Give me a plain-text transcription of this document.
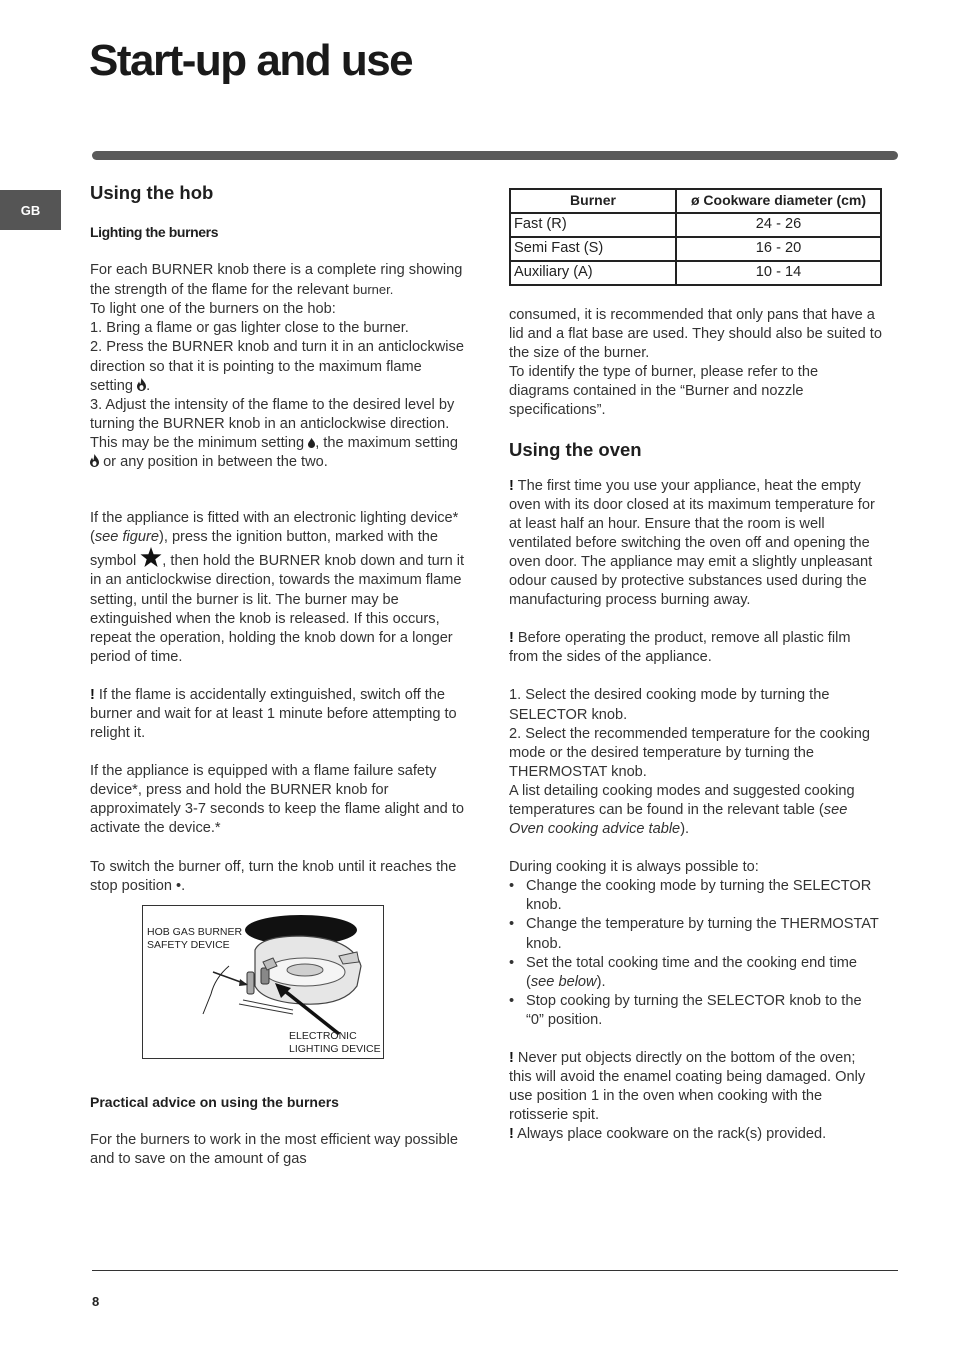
Start-up and use
GB
Using the hob
Lighting the burners

For each BURNER knob there is a complete ring showing the strength of the flame for the relevant burner.

To light one of the burners on the hob:

1. Bring a flame or gas lighter close to the burner.

2. Press the BURNER knob and turn it in an anticlockwise direction so that it is pointing to the maximum flame setting .

3. Adjust the intensity of the flame to the desired level by turning the BURNER knob in an anticlockwise direction. This may be the minimum setting , the maximum setting  or any position in between the two.

If the appliance is fitted with an electronic lighting device* (see figure), press the ignition button, marked with the symbol , then hold the BURNER knob down and turn it in an anticlockwise direction, towards the maximum flame setting, until the burner is lit. The burner may be extinguished when the knob is released. If this occurs, repeat the operation, holding the knob down for a longer period of time.

! If the flame is accidentally extinguished, switch off the burner and wait for at least 1 minute before attempting to relight it.

If the appliance is equipped with a flame failure safety device*, press and hold the BURNER knob for approximately 3-7 seconds to keep the flame alight and to activate the device.*

To switch the burner off, turn the knob until it reaches the stop position •.

HOB GAS BURNER
SAFETY DEVICE
ELECTRONIC
LIGHTING DEVICE
Practical advice on using the burners

For the burners to work in the most efficient way possible and to save on the amount of gas

Burner	ø Cookware diameter (cm)
Fast (R)	24 - 26
Semi Fast (S)	16 - 20
Auxiliary (A)	10 - 14

consumed, it is recommended that only pans that have a lid and a flat base are used. They should also be suited to the size of the burner.

To identify the type of burner, please refer to the diagrams contained in the “Burner and nozzle specifications”.

Using the oven

! The first time you use your appliance, heat the empty oven with its door closed at its maximum temperature for at least half an hour. Ensure that the room is well ventilated before switching the oven off and opening the oven door. The appliance may emit a slightly unpleasant odour caused by protective substances used during the manufacturing process burning away.

! Before operating the product, remove all plastic film from the sides of the appliance.

1. Select the desired cooking mode by turning the SELECTOR knob.

2. Select the recommended temperature for the cooking mode or the desired temperature by turning the THERMOSTAT knob.

A list detailing cooking modes and suggested cooking temperatures can be found in the relevant table (see Oven cooking advice table).

During cooking it is always possible to:

• Change the cooking mode by turning the SELECTOR knob.
• Change the temperature by turning the THERMOSTAT knob.
• Set the total cooking time and the cooking end time (see below).
• Stop cooking by turning the SELECTOR knob to the “0” position.

! Never put objects directly on the bottom of the oven; this will avoid the enamel coating being damaged. Only use position 1 in the oven when cooking with the rotisserie spit.

! Always place cookware on the rack(s) provided.

8
